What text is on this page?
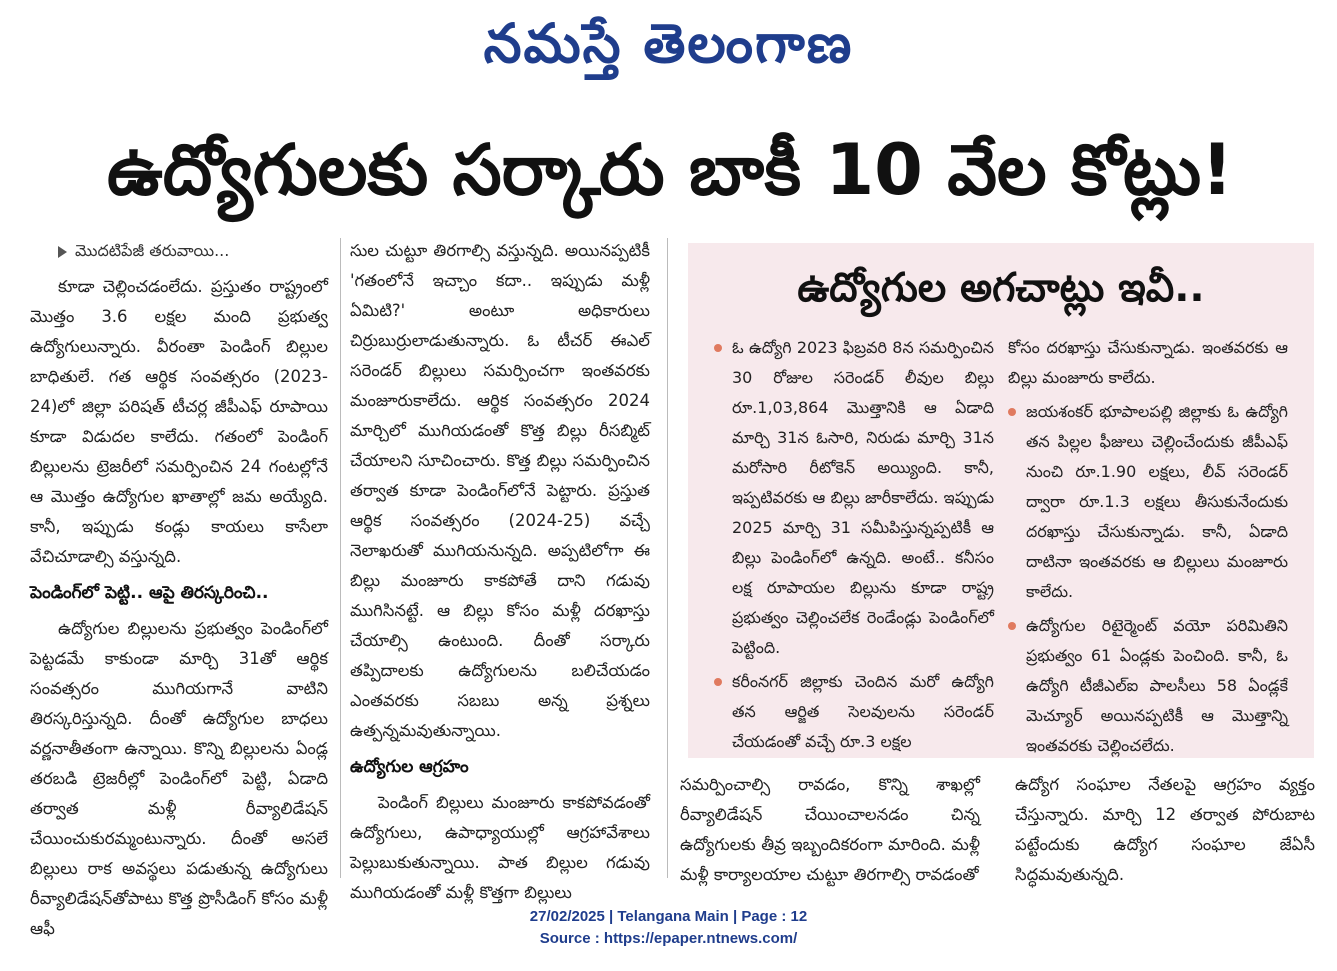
నమస్తే తెలంగాణ
ఉద్యోగులకు సర్కారు బాకీ 10 వేల కోట్లు!

మొదటిపేజీ తరువాయి...

కూడా చెల్లించడంలేదు. ప్రస్తుతం రాష్ట్రంలో మొత్తం 3.6 లక్షల మంది ప్రభుత్వ ఉద్యోగులున్నారు. వీరంతా పెండింగ్ బిల్లుల బాధితులే. గత ఆర్థిక సంవత్సరం (2023-24)లో జిల్లా పరిషత్ టీచర్ల జీపీఎఫ్ రూపాయి కూడా విడుదల కాలేదు. గతంలో పెండింగ్ బిల్లులను ట్రెజరీలో సమర్పించిన 24 గంటల్లోనే ఆ మొత్తం ఉద్యోగుల ఖాతాల్లో జమ అయ్యేది. కానీ, ఇప్పుడు కండ్లు కాయలు కాసేలా వేచిచూడాల్సి వస్తున్నది.

పెండింగ్‌లో పెట్టి.. ఆపై తిరస్కరించి..

ఉద్యోగుల బిల్లులను ప్రభుత్వం పెండింగ్‌లో పెట్టడమే కాకుండా మార్చి 31తో ఆర్థిక సంవత్సరం ముగియగానే వాటిని తిరస్కరిస్తున్నది. దీంతో ఉద్యోగుల బాధలు వర్ణనాతీతంగా ఉన్నాయి. కొన్ని బిల్లులను ఏండ్ల తరబడి ట్రెజరీల్లో పెండింగ్‌లో పెట్టి, ఏడాది తర్వాత మళ్లీ రీవ్యాలిడేషన్ చేయించుకురమ్మంటున్నారు. దీంతో అసలే బిల్లులు రాక అవస్థలు పడుతున్న ఉద్యోగులు రీవ్యాలిడేషన్‌తోపాటు కొత్త ప్రొసీడింగ్ కోసం మళ్లీ ఆఫీ

సుల చుట్టూ తిరగాల్సి వస్తున్నది. అయినప్పటికీ 'గతంలోనే ఇచ్చాం కదా.. ఇప్పుడు మళ్లీ ఏమిటి?' అంటూ అధికారులు చిర్రుబుర్రులాడుతున్నారు. ఓ టీచర్ ఈఎల్ సరెండర్ బిల్లులు సమర్పించగా ఇంతవరకు మంజూరుకాలేదు. ఆర్థిక సంవత్సరం 2024 మార్చిలో ముగియడంతో కొత్త బిల్లు రీసబ్మిట్ చేయాలని సూచించారు. కొత్త బిల్లు సమర్పించిన తర్వాత కూడా పెండింగ్‌లోనే పెట్టారు. ప్రస్తుత ఆర్థిక సంవత్సరం (2024-25) వచ్చే నెలాఖరుతో ముగియనున్నది. అప్పటిలోగా ఈ బిల్లు మంజూరు కాకపోతే దాని గడువు ముగిసినట్టే. ఆ బిల్లు కోసం మళ్లీ దరఖాస్తు చేయాల్సి ఉంటుంది. దీంతో సర్కారు తప్పిదాలకు ఉద్యోగులను బలిచేయడం ఎంతవరకు సబబు అన్న ప్రశ్నలు ఉత్పన్నమవుతున్నాయి.

ఉద్యోగుల ఆగ్రహం

పెండింగ్ బిల్లులు మంజూరు కాకపోవడంతో ఉద్యోగులు, ఉపాధ్యాయుల్లో ఆగ్రహావేశాలు పెల్లుబుకుతున్నాయి. పాత బిల్లుల గడువు ముగియడంతో మళ్లీ కొత్తగా బిల్లులు

ఉద్యోగుల అగచాట్లు ఇవీ..
ఓ ఉద్యోగి 2023 ఫిబ్రవరి 8న సమర్పించిన 30 రోజుల సరెండర్ లీవుల బిల్లు రూ.1,03,864 మొత్తానికి ఆ ఏడాది మార్చి 31న ఓసారి, నిరుడు మార్చి 31న మరోసారి రీటోకెన్ అయ్యింది. కానీ, ఇప్పటివరకు ఆ బిల్లు జారీకాలేదు. ఇప్పుడు 2025 మార్చి 31 సమీపిస్తున్నప్పటికీ ఆ బిల్లు పెండింగ్‌లో ఉన్నది. అంటే.. కనీసం లక్ష రూపాయల బిల్లును కూడా రాష్ట్ర ప్రభుత్వం చెల్లించలేక రెండేండ్లు పెండింగ్‌లో పెట్టింది.
కరీంనగర్ జిల్లాకు చెందిన మరో ఉద్యోగి తన ఆర్జిత సెలవులను సరెండర్ చేయడంతో వచ్చే రూ.3 లక్షల
కోసం దరఖాస్తు చేసుకున్నాడు. ఇంతవరకు ఆ బిల్లు మంజూరు కాలేదు.
జయశంకర్ భూపాలపల్లి జిల్లాకు ఓ ఉద్యోగి తన పిల్లల ఫీజులు చెల్లించేందుకు జీపీఎఫ్ నుంచి రూ.1.90 లక్షలు, లీవ్ సరెండర్ ద్వారా రూ.1.3 లక్షలు తీసుకునేందుకు దరఖాస్తు చేసుకున్నాడు. కానీ, ఏడాది దాటినా ఇంతవరకు ఆ బిల్లులు మంజూరు కాలేదు.
ఉద్యోగుల రిటైర్మెంట్ వయో పరిమితిని ప్రభుత్వం 61 ఏండ్లకు పెంచింది. కానీ, ఓ ఉద్యోగి టీజీఎల్ఐ పాలసీలు 58 ఏండ్లకే మెచ్యూర్ అయినప్పటికీ ఆ మొత్తాన్ని ఇంతవరకు చెల్లించలేదు.

సమర్పించాల్సి రావడం, కొన్ని శాఖల్లో రీవ్యాలిడేషన్ చేయించాలనడం చిన్న ఉద్యోగులకు తీవ్ర ఇబ్బందికరంగా మారింది. మళ్లీ మళ్లీ కార్యాలయాల చుట్టూ తిరగాల్సి రావడంతో

ఉద్యోగ సంఘాల నేతలపై ఆగ్రహం వ్యక్తం చేస్తున్నారు. మార్చి 12 తర్వాత పోరుబాట పట్టేందుకు ఉద్యోగ సంఘాల జేఏసీ సిద్ధమవుతున్నది.

27/02/2025 | Telangana Main | Page : 12
Source : https://epaper.ntnews.com/
